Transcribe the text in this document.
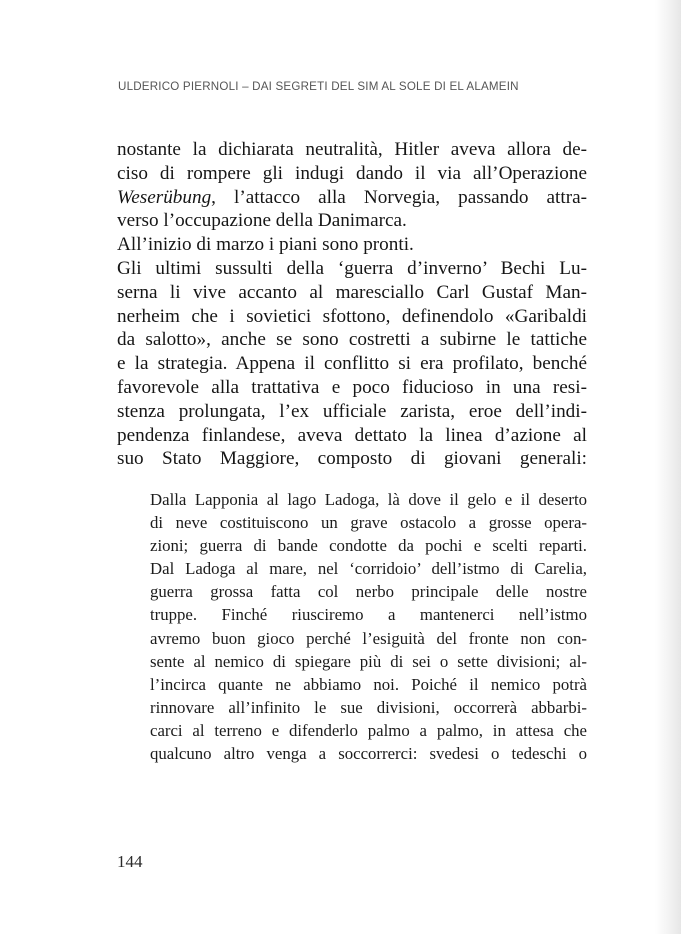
ULDERICO PIERNOLI – DAI SEGRETI DEL SIM AL SOLE DI EL ALAMEIN
nostante la dichiarata neutralità, Hitler aveva allora de-
ciso di rompere gli indugi dando il via all’Operazione
Weserübung, l’attacco alla Norvegia, passando attra-
verso l’occupazione della Danimarca.
All’inizio di marzo i piani sono pronti.
Gli ultimi sussulti della ‘guerra d’inverno’ Bechi Lu-
serna li vive accanto al maresciallo Carl Gustaf Man-
nerheim che i sovietici sfottono, definendolo «Garibaldi
da salotto», anche se sono costretti a subirne le tattiche
e la strategia. Appena il conflitto si era profilato, benché
favorevole alla trattativa e poco fiducioso in una resi-
stenza prolungata, l’ex ufficiale zarista, eroe dell’indi-
pendenza finlandese, aveva dettato la linea d’azione al
suo Stato Maggiore, composto di giovani generali:
Dalla Lapponia al lago Ladoga, là dove il gelo e il deserto
di neve costituiscono un grave ostacolo a grosse opera-
zioni; guerra di bande condotte da pochi e scelti reparti.
Dal Ladoga al mare, nel ‘corridoio’ dell’istmo di Carelia,
guerra grossa fatta col nerbo principale delle nostre
truppe. Finché riusciremo a mantenerci nell’istmo
avremo buon gioco perché l’esiguità del fronte non con-
sente al nemico di spiegare più di sei o sette divisioni; al-
l’incirca quante ne abbiamo noi. Poiché il nemico potrà
rinnovare all’infinito le sue divisioni, occorrerà abbarbi-
carci al terreno e difenderlo palmo a palmo, in attesa che
qualcuno altro venga a soccorrerci: svedesi o tedeschi o
144
